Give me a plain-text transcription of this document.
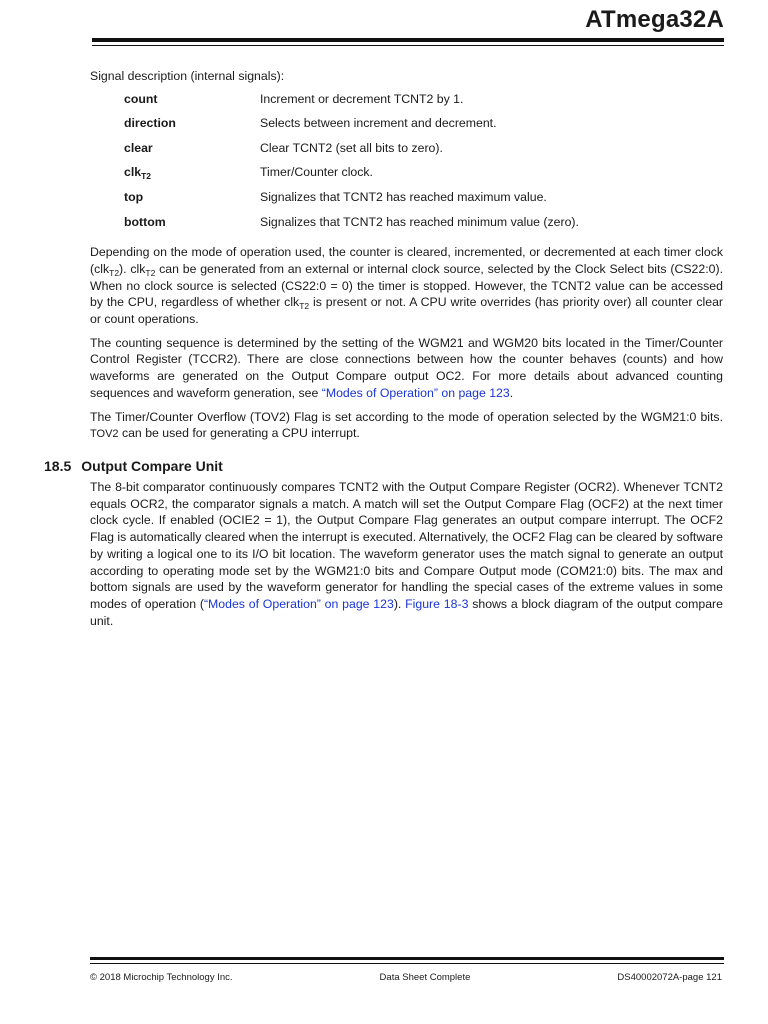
ATmega32A

Signal description (internal signals):

count	Increment or decrement TCNT2 by 1.
direction	Selects between increment and decrement.
clear	Clear TCNT2 (set all bits to zero).
clk$_{T2}$	Timer/Counter clock.
top	Signalizes that TCNT2 has reached maximum value.
bottom	Signalizes that TCNT2 has reached minimum value (zero).

Depending on the mode of operation used, the counter is cleared, incremented, or decremented at each timer clock (clk$_{T2}$). clk$_{T2}$ can be generated from an external or internal clock source, selected by the Clock Select bits (CS22:0). When no clock source is selected (CS22:0 = 0) the timer is stopped. However, the TCNT2 value can be accessed by the CPU, regardless of whether clk$_{T2}$ is present or not. A CPU write overrides (has priority over) all counter clear or count operations.

The counting sequence is determined by the setting of the WGM21 and WGM20 bits located in the Timer/Counter Control Register (TCCR2). There are close connections between how the counter behaves (counts) and how waveforms are generated on the Output Compare output OC2. For more details about advanced counting sequences and waveform generation, see “Modes of Operation” on page 123.

The Timer/Counter Overflow (TOV2) Flag is set according to the mode of operation selected by the WGM21:0 bits. TOV2 can be used for generating a CPU interrupt.

18.5 Output Compare Unit

The 8-bit comparator continuously compares TCNT2 with the Output Compare Register (OCR2). Whenever TCNT2 equals OCR2, the comparator signals a match. A match will set the Output Compare Flag (OCF2) at the next timer clock cycle. If enabled (OCIE2 = 1), the Output Compare Flag generates an output compare interrupt. The OCF2 Flag is automatically cleared when the interrupt is executed. Alternatively, the OCF2 Flag can be cleared by software by writing a logical one to its I/O bit location. The waveform generator uses the match signal to generate an output according to operating mode set by the WGM21:0 bits and Compare Output mode (COM21:0) bits. The max and bottom signals are used by the waveform generator for handling the special cases of the extreme values in some modes of operation (“Modes of Operation” on page 123). Figure 18-3 shows a block diagram of the output compare unit.

© 2018 Microchip Technology Inc.	Data Sheet Complete	DS40002072A-page 121
